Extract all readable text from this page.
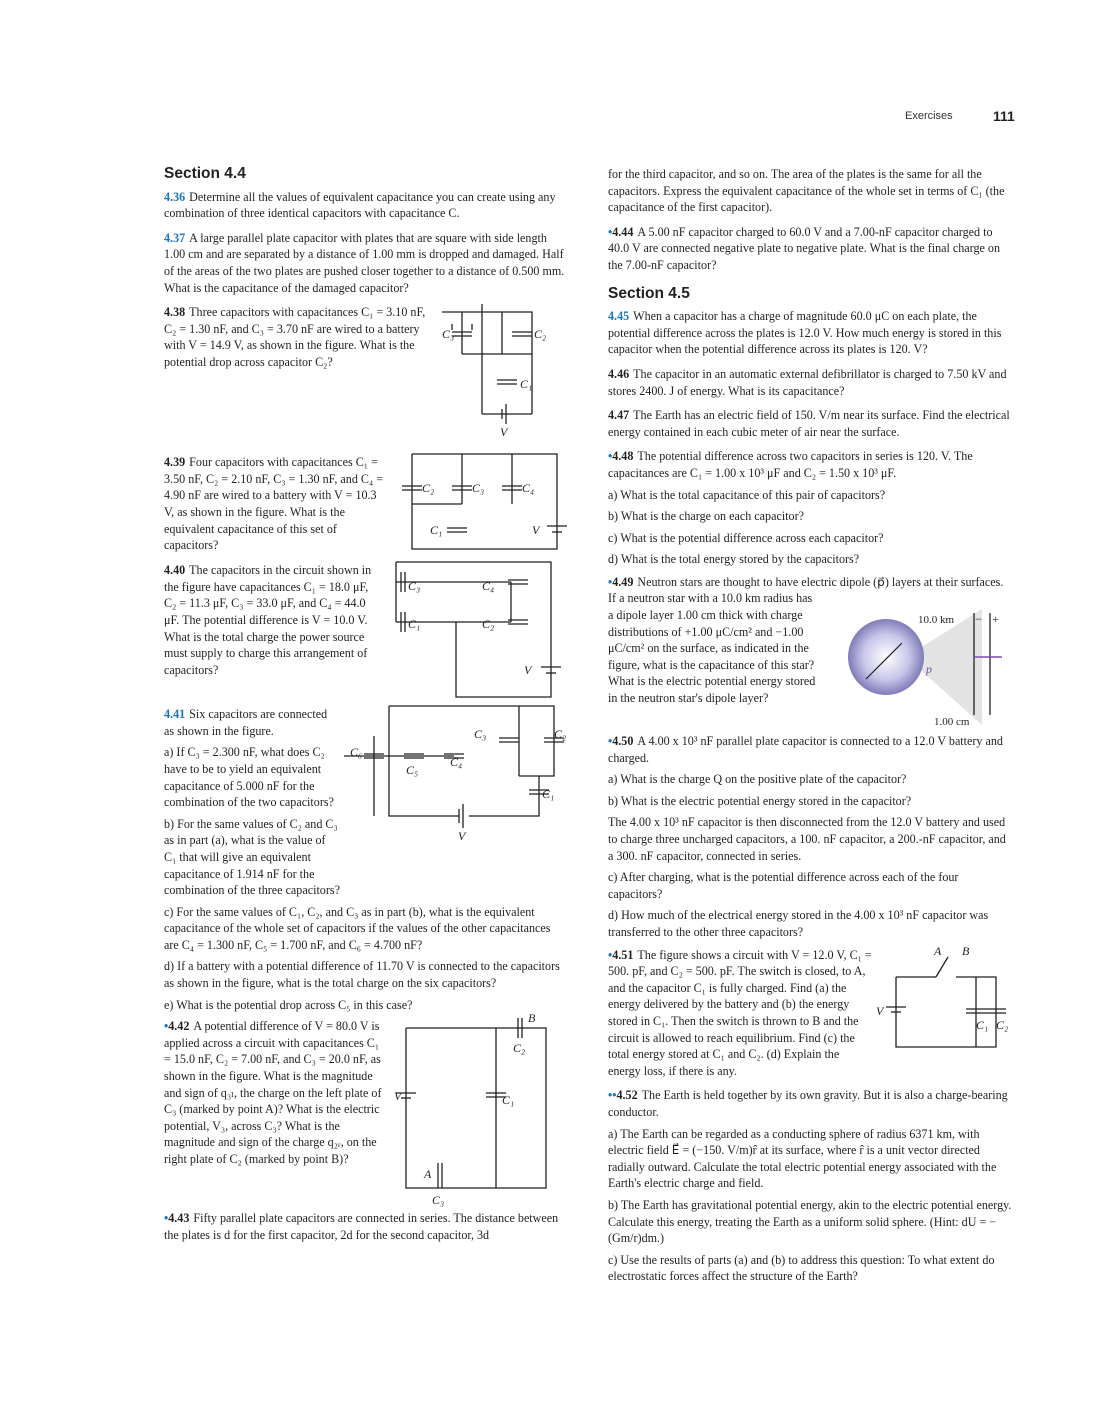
Exercises	111
Section 4.4

4.36 Determine all the values of equivalent capacitance you can create using any combination of three identical capacitors with capacitance C.

4.37 A large parallel plate capacitor with plates that are square with side length 1.00 cm and are separated by a distance of 1.00 mm is dropped and damaged. Half of the areas of the two plates are pushed closer together to a distance of 0.500 mm. What is the capacitance of the damaged capacitor?

4.38 Three capacitors with capacitances C₁ = 3.10 nF, C₂ = 1.30 nF, and C₃ = 3.70 nF are wired to a battery with V = 14.9 V, as shown in the figure. What is the potential drop across capacitor C₂?
C₃	C₂
C₁
V
4.39 Four capacitors with capacitances C₁ = 3.50 nF, C₂ = 2.10 nF, C₃ = 1.30 nF, and C₄ = 4.90 nF are wired to a battery with V = 10.3 V, as shown in the figure. What is the equivalent capacitance of this set of capacitors?
C₂	C₃	C₄
C₁	V
4.40 The capacitors in the circuit shown in the figure have capacitances C₁ = 18.0 μF, C₂ = 11.3 μF, C₃ = 33.0 μF, and C₄ = 44.0 μF. The potential difference is V = 10.0 V. What is the total charge the power source must supply to charge this arrangement of capacitors?
C₃	C₄
C₁	C₂
V
4.41 Six capacitors are connected as shown in the figure.
a) If C₃ = 2.300 nF, what does C₂ have to be to yield an equivalent capacitance of 5.000 nF for the combination of the two capacitors?
b) For the same values of C₂ and C₃ as in part (a), what is the value of C₁ that will give an equivalent capacitance of 1.914 nF for the combination of the three capacitors?
C₆
C₅
C₄
C₃	C₂
C₁
V
c) For the same values of C₁, C₂, and C₃ as in part (b), what is the equivalent capacitance of the whole set of capacitors if the values of the other capacitances are C₄ = 1.300 nF, C₅ = 1.700 nF, and C₆ = 4.700 nF?
d) If a battery with a potential difference of 11.70 V is connected to the capacitors as shown in the figure, what is the total charge on the six capacitors?
e) What is the potential drop across C₅ in this case?
•4.42 A potential difference of V = 80.0 V is applied across a circuit with capacitances C₁ = 15.0 nF, C₂ = 7.00 nF, and C₃ = 20.0 nF, as shown in the figure. What is the magnitude and sign of q₃ₗ, the charge on the left plate of C₃ (marked by point A)? What is the electric potential, V₃, across C₃? What is the magnitude and sign of the charge q₂ᵣ, on the right plate of C₂ (marked by point B)?
B
C₂
V	C₁
A
C₃

•4.43 Fifty parallel plate capacitors are connected in series. The distance between the plates is d for the first capacitor, 2d for the second capacitor, 3d

for the third capacitor, and so on. The area of the plates is the same for all the capacitors. Express the equivalent capacitance of the whole set in terms of C₁ (the capacitance of the first capacitor).

•4.44 A 5.00 nF capacitor charged to 60.0 V and a 7.00-nF capacitor charged to 40.0 V are connected negative plate to negative plate. What is the final charge on the 7.00-nF capacitor?

Section 4.5

4.45 When a capacitor has a charge of magnitude 60.0 μC on each plate, the potential difference across the plates is 12.0 V. How much energy is stored in this capacitor when the potential difference across its plates is 120. V?

4.46 The capacitor in an automatic external defibrillator is charged to 7.50 kV and stores 2400. J of energy. What is its capacitance?

4.47 The Earth has an electric field of 150. V/m near its surface. Find the electrical energy contained in each cubic meter of air near the surface.

•4.48 The potential difference across two capacitors in series is 120. V. The capacitances are C₁ = 1.00 x 10³ μF and C₂ = 1.50 x 10³ μF.
a) What is the total capacitance of this pair of capacitors?
b) What is the charge on each capacitor?
c) What is the potential difference across each capacitor?
d) What is the total energy stored by the capacitors?
•4.49 Neutron stars are thought to have electric dipole (p⃗) layers at their surfaces. If a neutron star with a 10.0 km radius has
a dipole layer 1.00 cm thick with charge distributions of +1.00 μC/cm² and −1.00 μC/cm² on the surface, as indicated in the figure, what is the capacitance of this star? What is the electric potential energy stored in the neutron star's dipole layer?
− +
p
10.0 km
1.00 cm
•4.50 A 4.00 x 10³ nF parallel plate capacitor is connected to a 12.0 V battery and charged.
a) What is the charge Q on the positive plate of the capacitor?
b) What is the electric potential energy stored in the capacitor?
The 4.00 x 10³ nF capacitor is then disconnected from the 12.0 V battery and used to charge three uncharged capacitors, a 100. nF capacitor, a 200.-nF capacitor, and a 300. nF capacitor, connected in series.
c) After charging, what is the potential difference across each of the four capacitors?
d) How much of the electrical energy stored in the 4.00 x 10³ nF capacitor was transferred to the other three capacitors?
•4.51 The figure shows a circuit with V = 12.0 V, C₁ = 500. pF, and C₂ = 500. pF. The switch is closed, to A, and the capacitor C₁ is fully charged. Find (a) the energy delivered by the battery and (b) the energy stored in C₁. Then the switch is thrown to B and the circuit is allowed to reach equilibrium. Find (c) the total energy stored at C₁ and C₂. (d) Explain the energy loss, if there is any.
A B
V
C₁ C₂
••4.52 The Earth is held together by its own gravity. But it is also a charge-bearing conductor.
a) The Earth can be regarded as a conducting sphere of radius 6371 km, with electric field E⃗ = (−150. V/m)r̂ at its surface, where r̂ is a unit vector directed radially outward. Calculate the total electric potential energy associated with the Earth's electric charge and field.
b) The Earth has gravitational potential energy, akin to the electric potential energy. Calculate this energy, treating the Earth as a uniform solid sphere. (Hint: dU = −(Gm/r)dm.)
c) Use the results of parts (a) and (b) to address this question: To what extent do electrostatic forces affect the structure of the Earth?
